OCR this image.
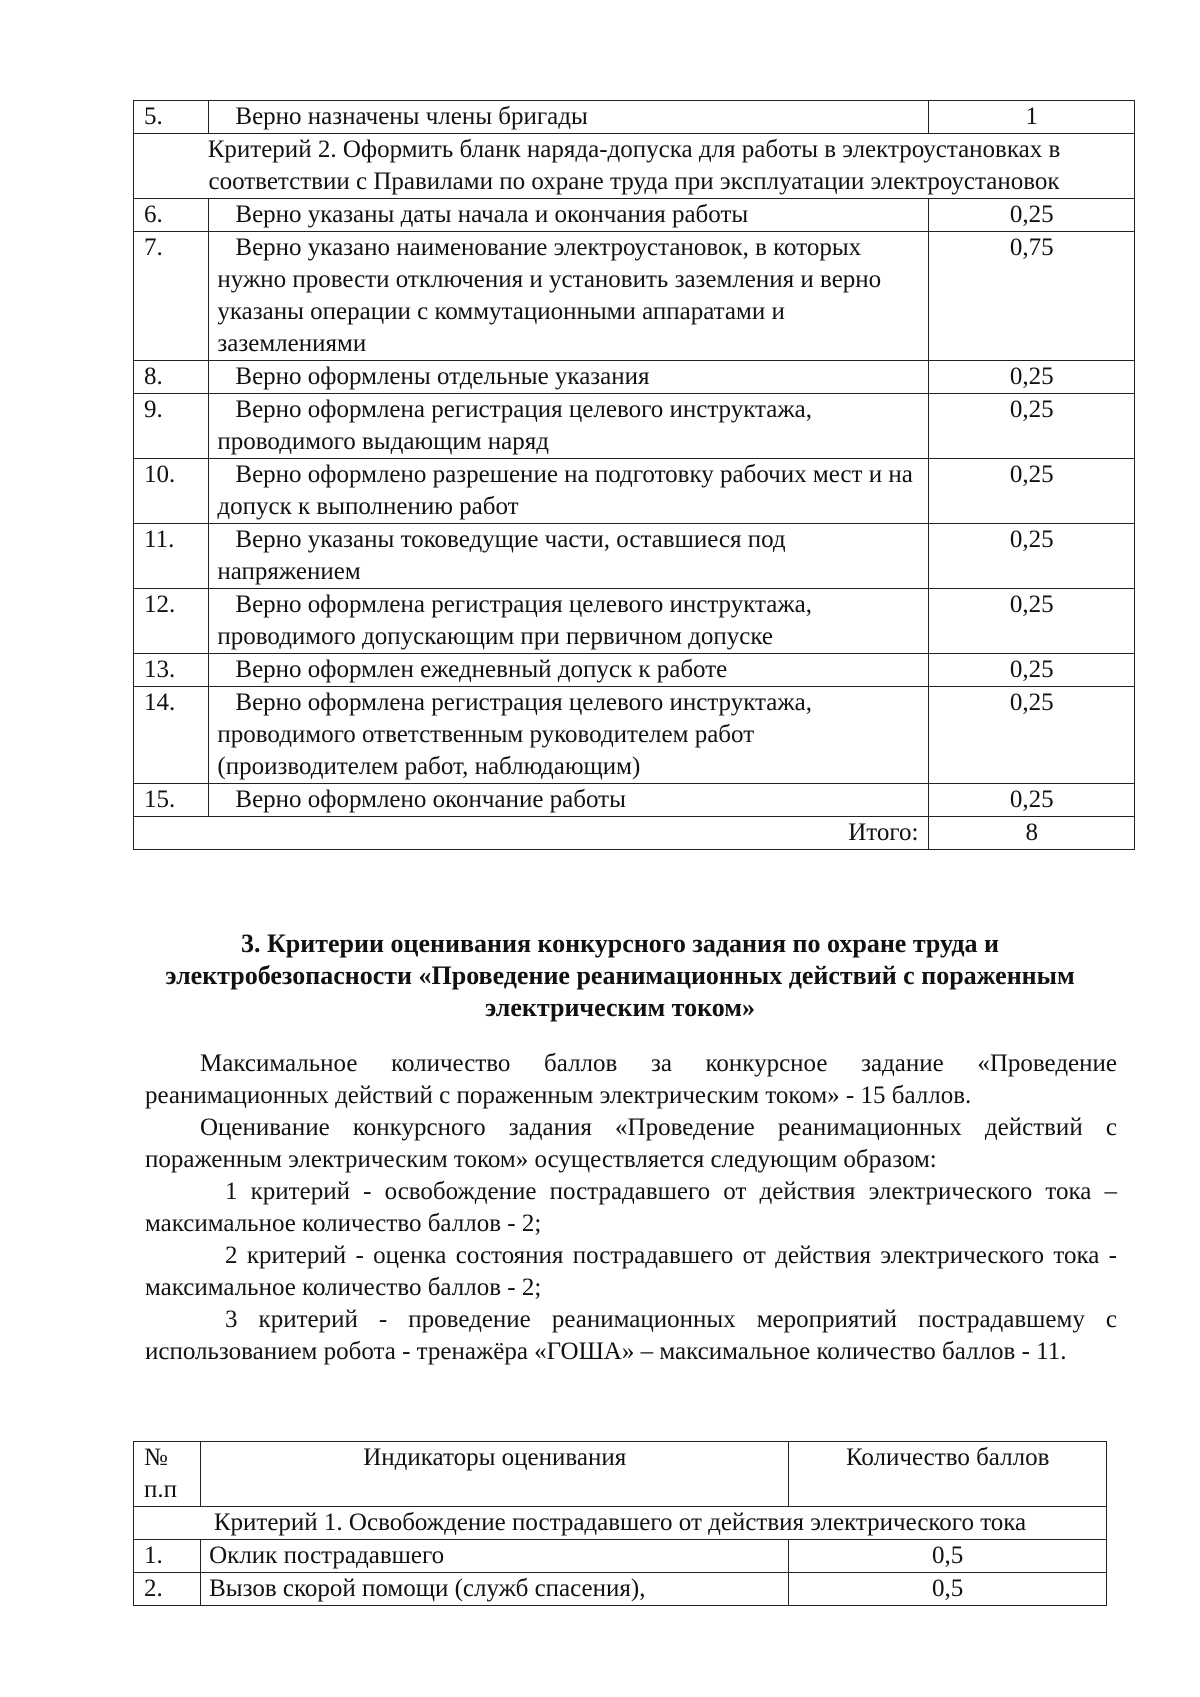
5.	Верно назначены члены бригады	1
Критерий 2. Оформить бланк наряда-допуска для работы в электроустановках в соответствии с Правилами по охране труда при эксплуатации электроустановок		
6.	Верно указаны даты начала и окончания работы	0,25
7.	Верно указано наименование электроустановок, в которых нужно провести отключения и установить заземления и верно указаны операции с коммутационными аппаратами и заземлениями	0,75
8.	Верно оформлены отдельные указания	0,25
9.	Верно оформлена регистрация целевого инструктажа, проводимого выдающим наряд	0,25
10.	Верно оформлено разрешение на подготовку рабочих мест и на допуск к выполнению работ	0,25
11.	Верно указаны токоведущие части, оставшиеся под напряжением	0,25
12.	Верно оформлена регистрация целевого инструктажа, проводимого допускающим при первичном допуске	0,25
13.	Верно оформлен ежедневный допуск к работе	0,25
14.	Верно оформлена регистрация целевого инструктажа, проводимого ответственным руководителем работ (производителем работ, наблюдающим)	0,25
15.	Верно оформлено окончание работы	0,25
Итого:		8
3. Критерии оценивания конкурсного задания по охране труда и электробезопасности «Проведение реанимационных действий с пораженным электрическим током»

Максимальное количество баллов за конкурсное задание «Проведение реанимационных действий с пораженным электрическим током» - 15 баллов.

Оценивание конкурсного задания «Проведение реанимационных действий с пораженным электрическим током» осуществляется следующим образом:

1 критерий - освобождение пострадавшего от действия электрического тока – максимальное количество баллов - 2;

2 критерий - оценка состояния пострадавшего от действия электрического тока - максимальное количество баллов - 2;

3 критерий - проведение реанимационных мероприятий пострадавшему с использованием робота - тренажёра «ГОША» – максимальное количество баллов - 11.

№ п.п	Индикаторы оценивания	Количество баллов
Критерий 1. Освобождение пострадавшего от действия электрического тока		
1.	Оклик пострадавшего	0,5
2.	Вызов скорой помощи (служб спасения),	0,5
